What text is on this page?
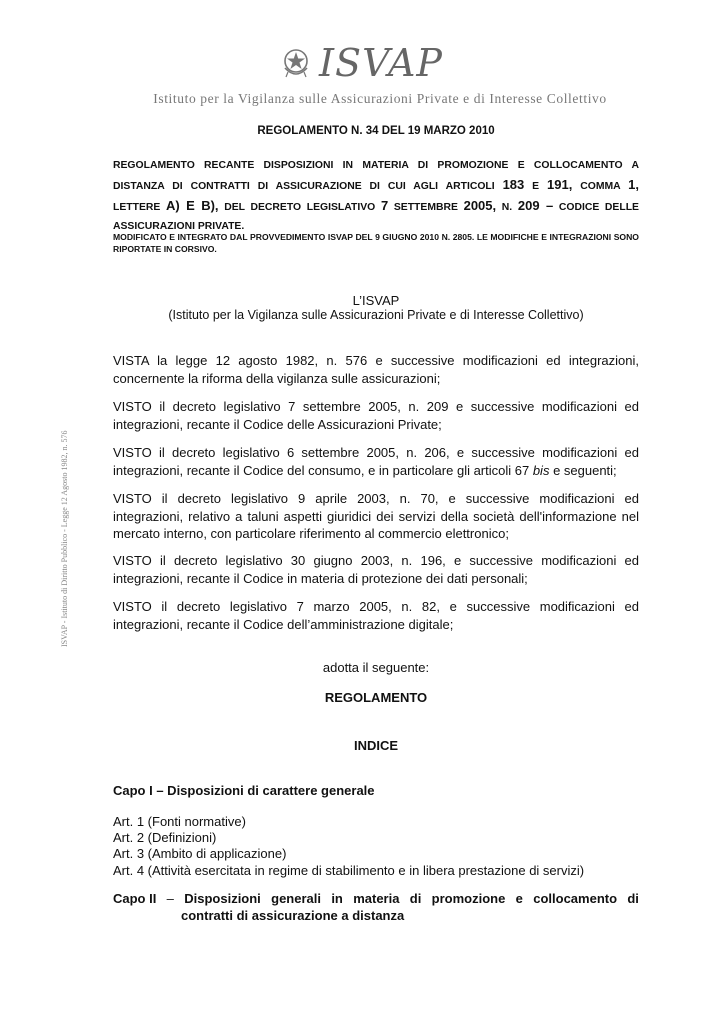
ISVAP
Istituto per la Vigilanza sulle Assicurazioni Private e di Interesse Collettivo
ISVAP - Istituto di Diritto Pubblico - Legge 12 Agosto 1982, n. 576
REGOLAMENTO N. 34 DEL 19 MARZO 2010
REGOLAMENTO RECANTE DISPOSIZIONI IN MATERIA DI PROMOZIONE E COLLOCAMENTO A
DISTANZA DI CONTRATTI DI ASSICURAZIONE DI CUI AGLI ARTICOLI 183 E 191, COMMA 1,
LETTERE A) E B), DEL DECRETO LEGISLATIVO 7 SETTEMBRE 2005, N. 209 – CODICE DELLE
ASSICURAZIONI PRIVATE.
MODIFICATO E INTEGRATO DAL PROVVEDIMENTO ISVAP DEL 9 GIUGNO 2010 N. 2805. LE MODIFICHE E INTEGRAZIONI SONO RIPORTATE IN CORSIVO.
L’ISVAP
(Istituto per la Vigilanza sulle Assicurazioni Private e di Interesse Collettivo)
VISTA la legge 12 agosto 1982, n. 576 e successive modificazioni ed integrazioni,
concernente la riforma della vigilanza sulle assicurazioni;
VISTO il decreto legislativo 7 settembre 2005, n. 209 e successive modificazioni ed
integrazioni, recante il Codice delle Assicurazioni Private;
VISTO il decreto legislativo 6 settembre 2005, n. 206, e successive modificazioni ed
integrazioni, recante il Codice del consumo, e in particolare gli articoli 67 bis e seguenti;
VISTO il decreto legislativo 9 aprile 2003, n. 70, e successive modificazioni ed
integrazioni, relativo a taluni aspetti giuridici dei servizi della società dell'informazione nel
mercato interno, con particolare riferimento al commercio elettronico;
VISTO il decreto legislativo 30 giugno 2003, n. 196, e successive modificazioni ed
integrazioni, recante il Codice in materia di protezione dei dati personali;
VISTO il decreto legislativo 7 marzo 2005, n. 82, e successive modificazioni ed
integrazioni, recante il Codice dell’amministrazione digitale;
adotta il seguente:
REGOLAMENTO
INDICE
Capo I – Disposizioni di carattere generale
Art. 1 (Fonti normative)
Art. 2 (Definizioni)
Art. 3 (Ambito di applicazione)
Art. 4 (Attività esercitata in regime di stabilimento e in libera prestazione di servizi)
Capo II – Disposizioni generali in materia di promozione e collocamento di
contratti di assicurazione a distanza
